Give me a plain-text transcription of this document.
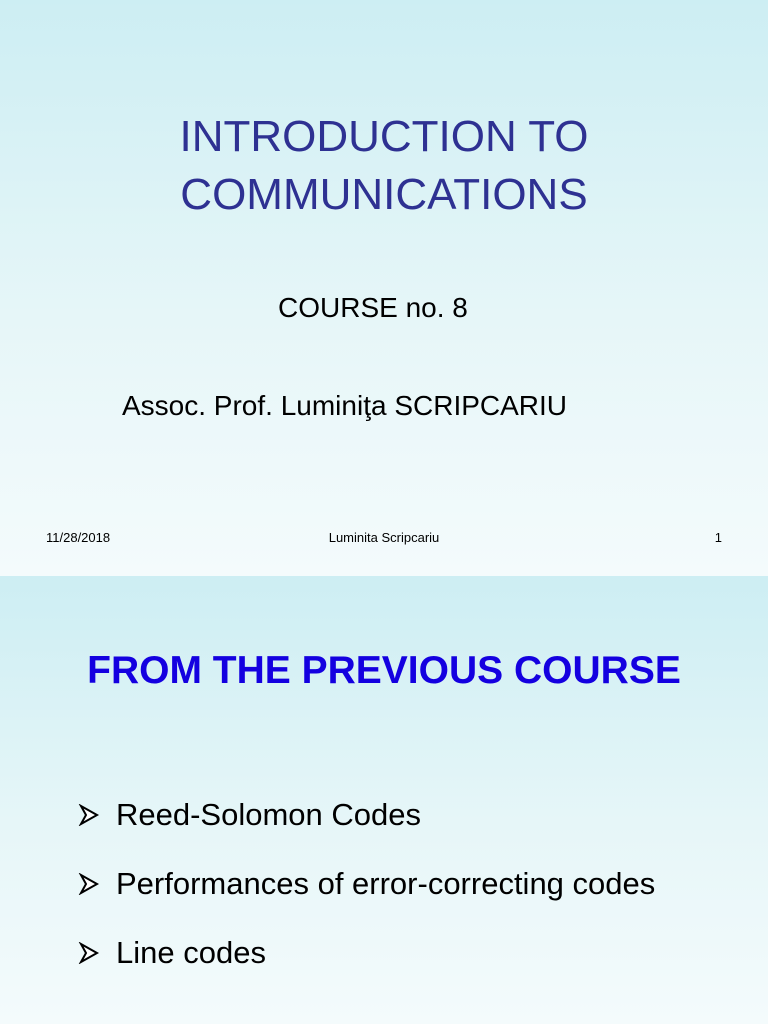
INTRODUCTION TO
COMMUNICATIONS
COURSE no. 8
Assoc. Prof. Luminiţa SCRIPCARIU
Luminita Scripcariu
11/28/2018	1
FROM THE PREVIOUS COURSE
Reed-Solomon Codes
Performances of error-correcting codes
Line codes
